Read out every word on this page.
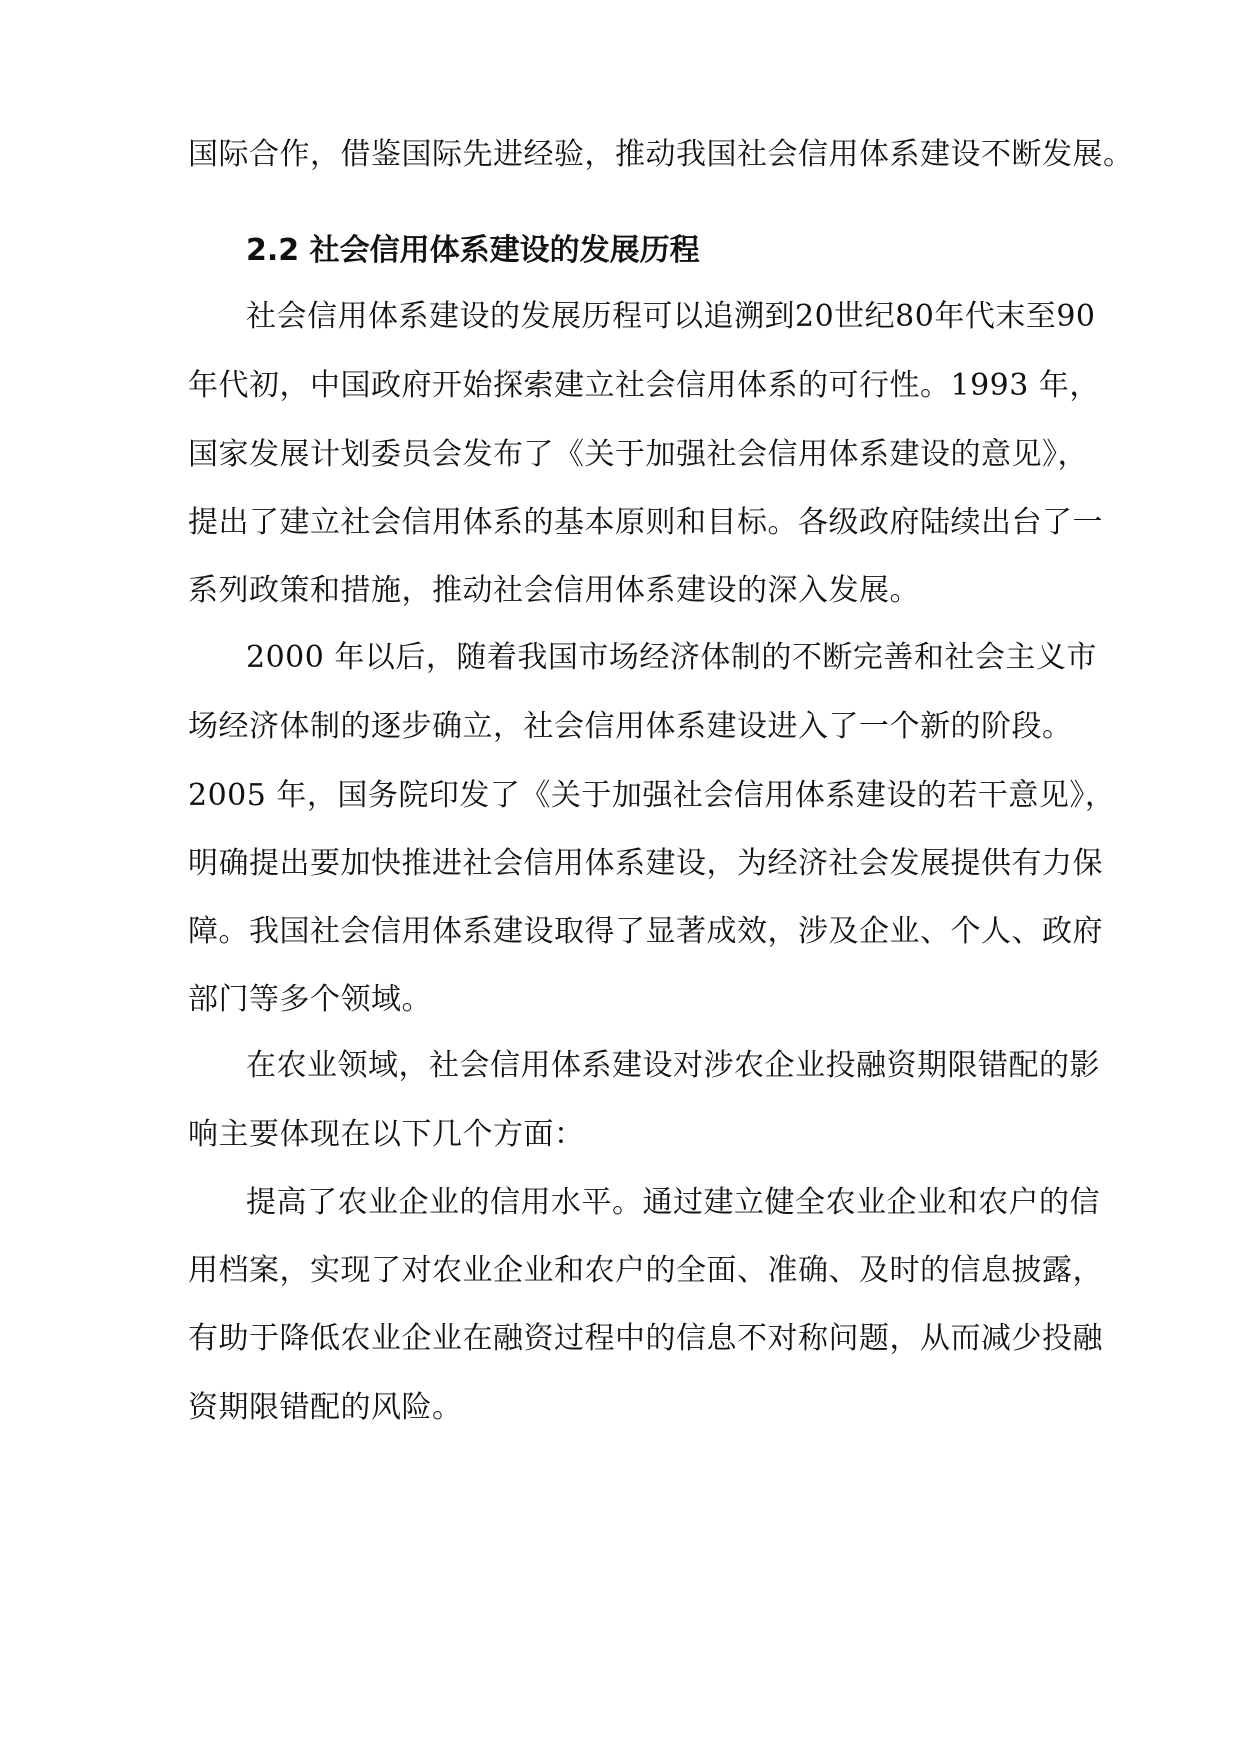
国际合作，借鉴国际先进经验，推动我国社会信用体系建设不断发展。
2.2 社会信用体系建设的发展历程
社会信用体系建设的发展历程可以追溯到20世纪80年代末至90
年代初，中国政府开始探索建立社会信用体系的可行性。1993 年，
国家发展计划委员会发布了《关于加强社会信用体系建设的意见》，
提出了建立社会信用体系的基本原则和目标。各级政府陆续出台了一
系列政策和措施，推动社会信用体系建设的深入发展。
2000 年以后，随着我国市场经济体制的不断完善和社会主义市
场经济体制的逐步确立，社会信用体系建设进入了一个新的阶段。
2005 年，国务院印发了《关于加强社会信用体系建设的若干意见》，
明确提出要加快推进社会信用体系建设，为经济社会发展提供有力保
障。我国社会信用体系建设取得了显著成效，涉及企业、个人、政府
部门等多个领域。
在农业领域，社会信用体系建设对涉农企业投融资期限错配的影
响主要体现在以下几个方面：
提高了农业企业的信用水平。通过建立健全农业企业和农户的信
用档案，实现了对农业企业和农户的全面、准确、及时的信息披露，
有助于降低农业企业在融资过程中的信息不对称问题，从而减少投融
资期限错配的风险。
